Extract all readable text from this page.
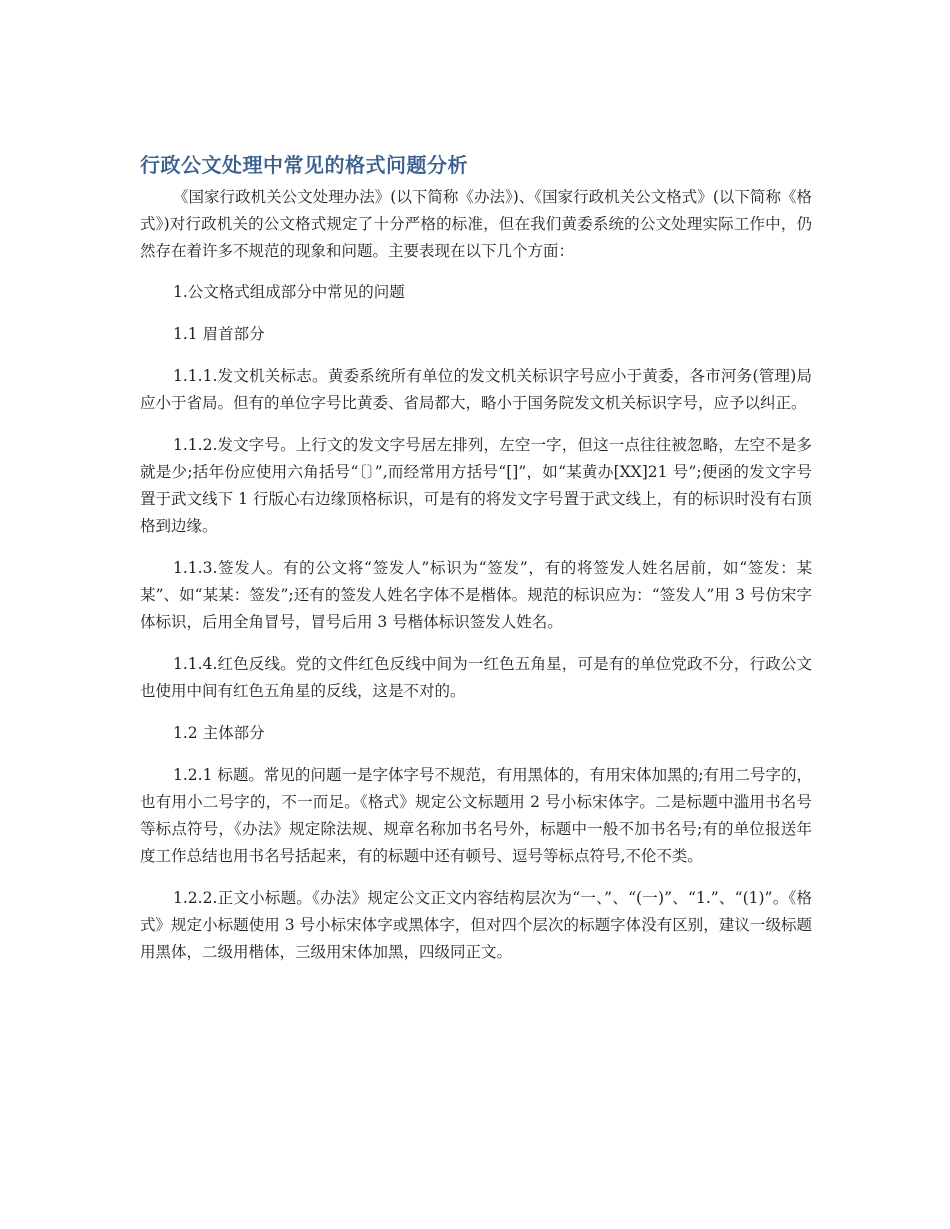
行政公文处理中常见的格式问题分析

《国家行政机关公文处理办法》(以下简称《办法》)、《国家行政机关公文格式》(以下简称《格式》)对行政机关的公文格式规定了十分严格的标准，但在我们黄委系统的公文处理实际工作中，仍然存在着许多不规范的现象和问题。主要表现在以下几个方面：

1.公文格式组成部分中常见的问题

1.1 眉首部分

1.1.1.发文机关标志。黄委系统所有单位的发文机关标识字号应小于黄委，各市河务(管理)局应小于省局。但有的单位字号比黄委、省局都大，略小于国务院发文机关标识字号，应予以纠正。

1.1.2.发文字号。上行文的发文字号居左排列，左空一字，但这一点往往被忽略，左空不是多就是少;括年份应使用六角括号“〔〕”,而经常用方括号“[]”，如“某黄办[XX]21 号”;便函的发文字号置于武文线下 1 行版心右边缘顶格标识，可是有的将发文字号置于武文线上，有的标识时没有右顶格到边缘。

1.1.3.签发人。有的公文将“签发人”标识为“签发”，有的将签发人姓名居前，如“签发：某某”、如“某某：签发”;还有的签发人姓名字体不是楷体。规范的标识应为：“签发人”用 3 号仿宋字体标识，后用全角冒号，冒号后用 3 号楷体标识签发人姓名。

1.1.4.红色反线。党的文件红色反线中间为一红色五角星，可是有的单位党政不分，行政公文也使用中间有红色五角星的反线，这是不对的。

1.2 主体部分

1.2.1 标题。常见的问题一是字体字号不规范，有用黑体的，有用宋体加黑的;有用二号字的，也有用小二号字的，不一而足。《格式》规定公文标题用 2 号小标宋体字。二是标题中滥用书名号等标点符号，《办法》规定除法规、规章名称加书名号外，标题中一般不加书名号;有的单位报送年度工作总结也用书名号括起来，有的标题中还有顿号、逗号等标点符号,不伦不类。

1.2.2.正文小标题。《办法》规定公文正文内容结构层次为“一、”、“(一)”、“1.”、“(1)”。《格式》规定小标题使用 3 号小标宋体字或黑体字，但对四个层次的标题字体没有区别，建议一级标题用黑体，二级用楷体，三级用宋体加黑，四级同正文。
